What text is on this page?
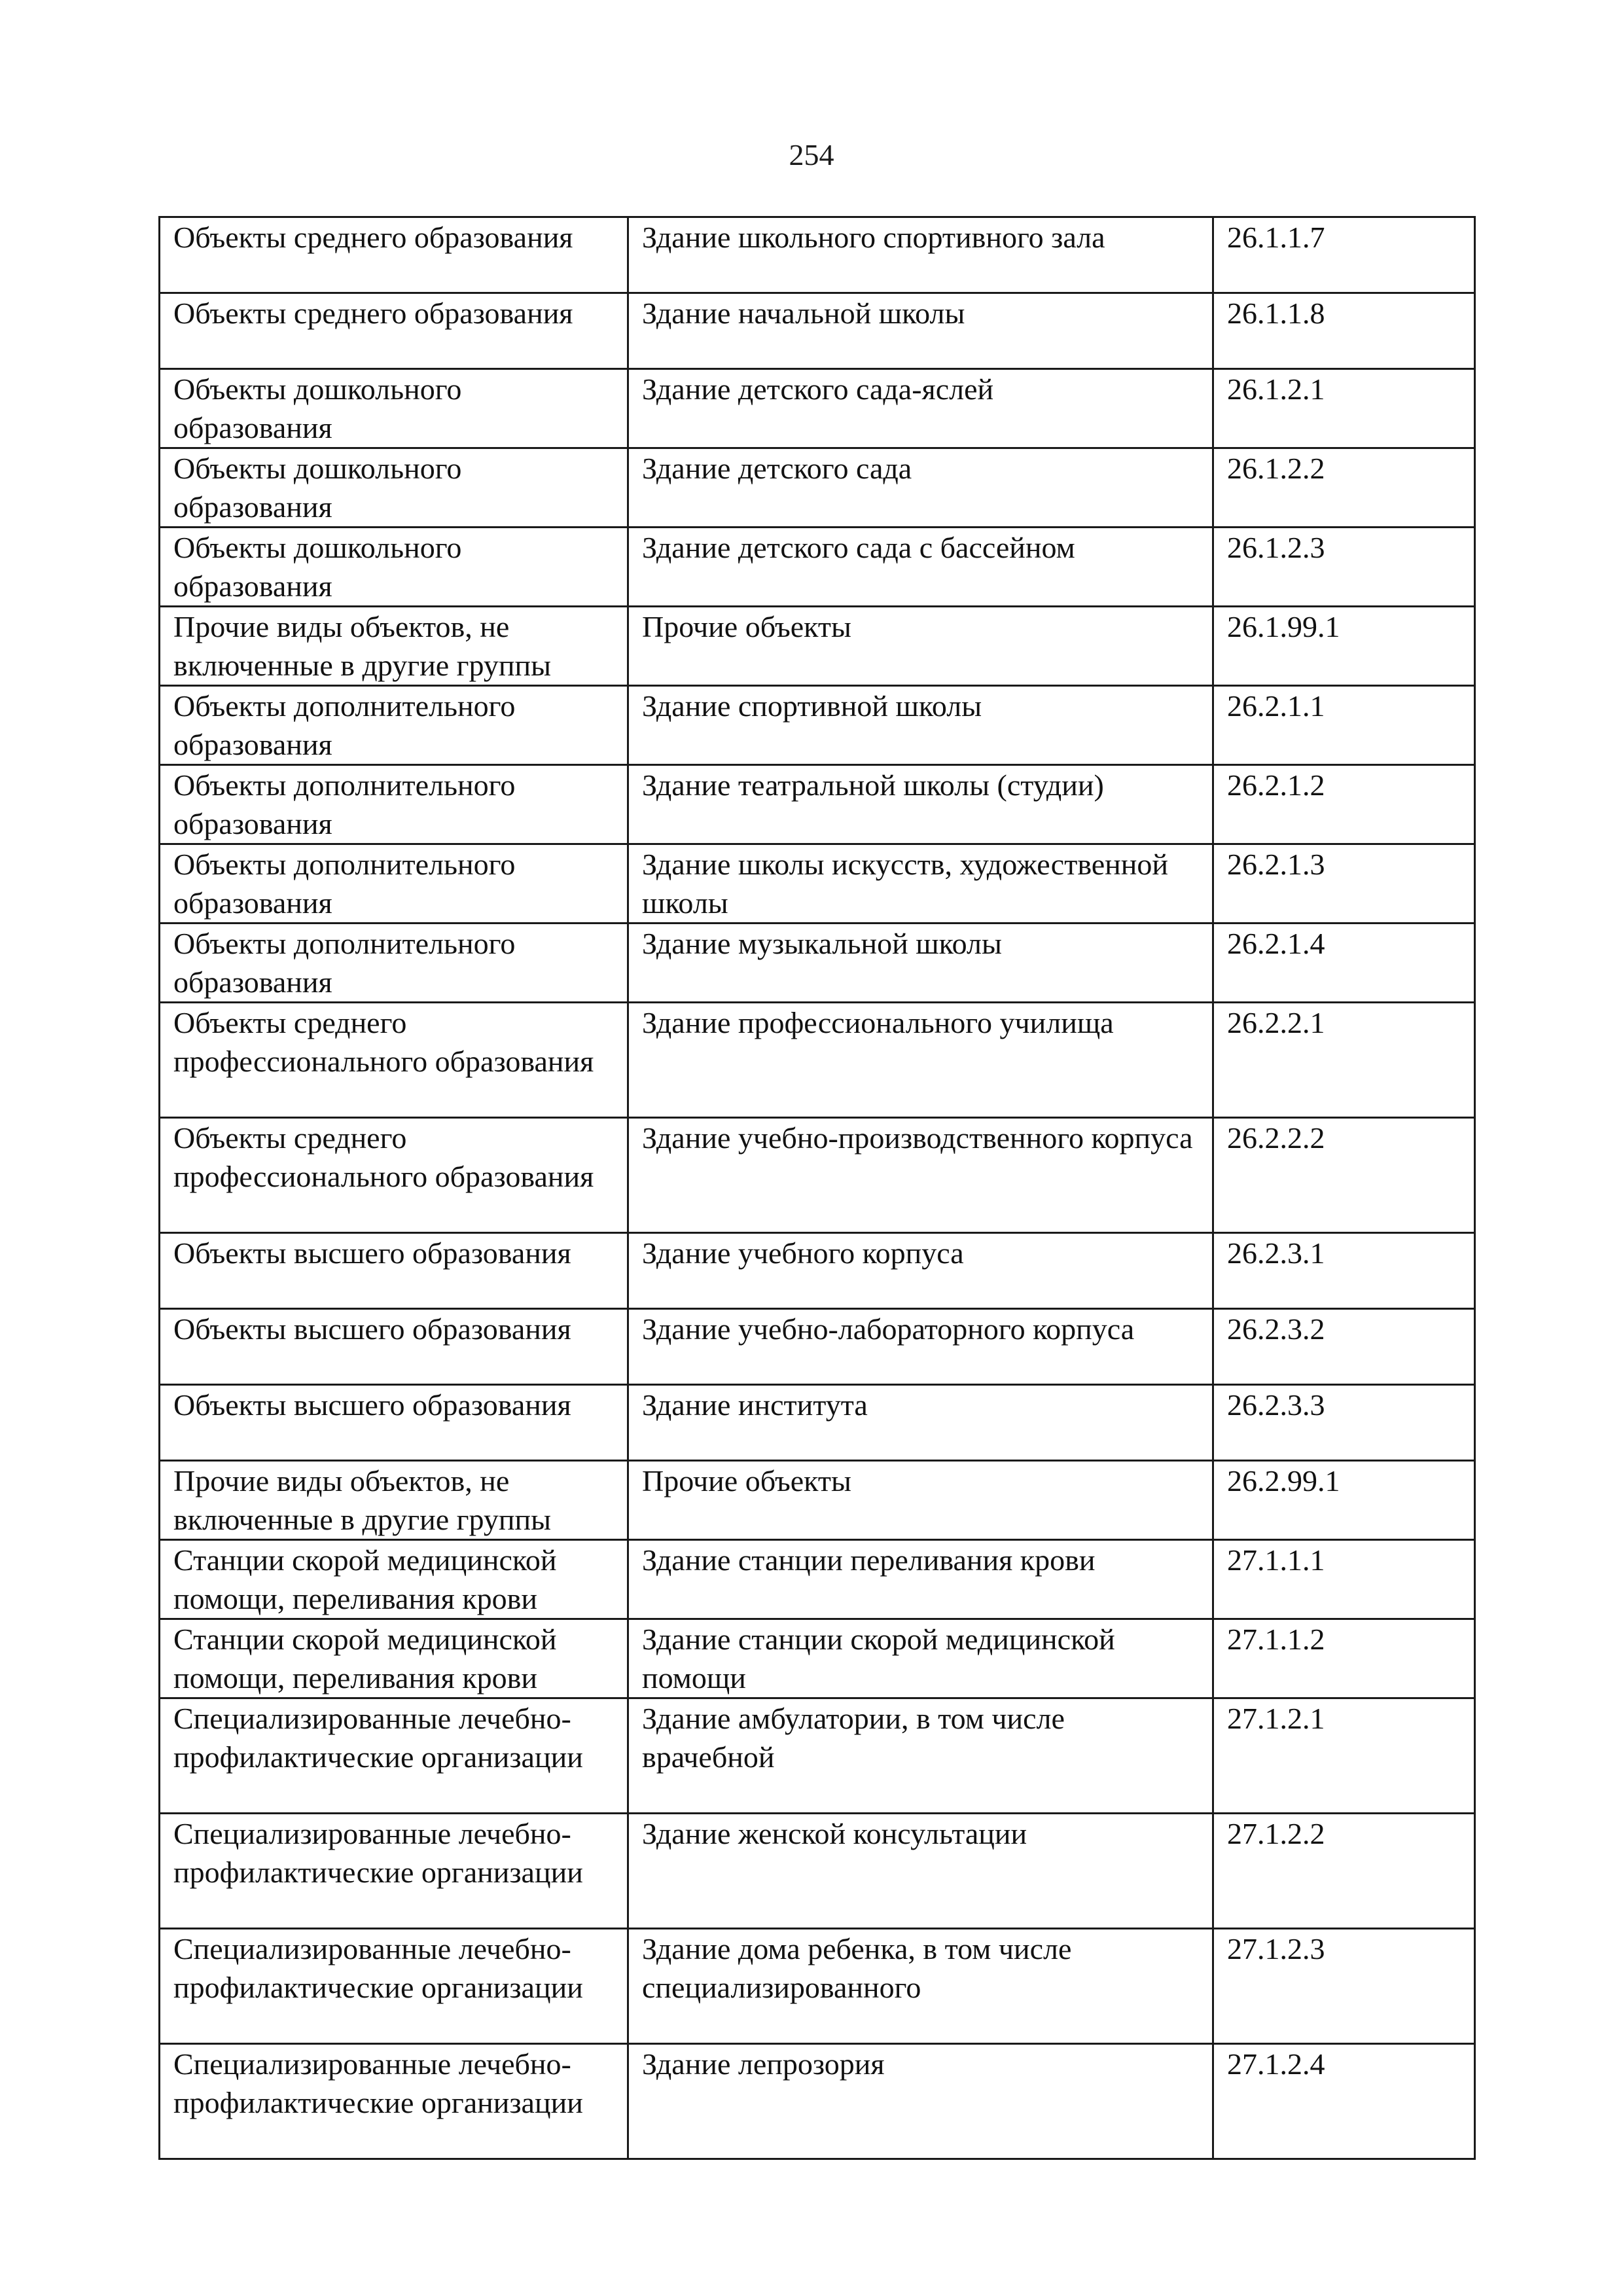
254
Объекты среднего образования	Здание школьного спортивного зала	26.1.1.7
Объекты среднего образования	Здание начальной школы	26.1.1.8
Объекты дошкольного образования	Здание детского сада-яслей	26.1.2.1
Объекты дошкольного образования	Здание детского сада	26.1.2.2
Объекты дошкольного образования	Здание детского сада с бассейном	26.1.2.3
Прочие виды объектов, не включенные в другие группы	Прочие объекты	26.1.99.1
Объекты дополнительного образования	Здание спортивной школы	26.2.1.1
Объекты дополнительного образования	Здание театральной школы (студии)	26.2.1.2
Объекты дополнительного образования	Здание школы искусств, художественной школы	26.2.1.3
Объекты дополнительного образования	Здание музыкальной школы	26.2.1.4
Объекты среднего профессионального образования	Здание профессионального училища	26.2.2.1
Объекты среднего профессионального образования	Здание учебно-производственного корпуса	26.2.2.2
Объекты высшего образования	Здание учебного корпуса	26.2.3.1
Объекты высшего образования	Здание учебно-лабораторного корпуса	26.2.3.2
Объекты высшего образования	Здание института	26.2.3.3
Прочие виды объектов, не включенные в другие группы	Прочие объекты	26.2.99.1
Станции скорой медицинской помощи, переливания крови	Здание станции переливания крови	27.1.1.1
Станции скорой медицинской помощи, переливания крови	Здание станции скорой медицинской помощи	27.1.1.2
Специализированные лечебно-профилактические организации	Здание амбулатории, в том числе врачебной	27.1.2.1
Специализированные лечебно-профилактические организации	Здание женской консультации	27.1.2.2
Специализированные лечебно-профилактические организации	Здание дома ребенка, в том числе специализированного	27.1.2.3
Специализированные лечебно-профилактические организации	Здание лепрозория	27.1.2.4
